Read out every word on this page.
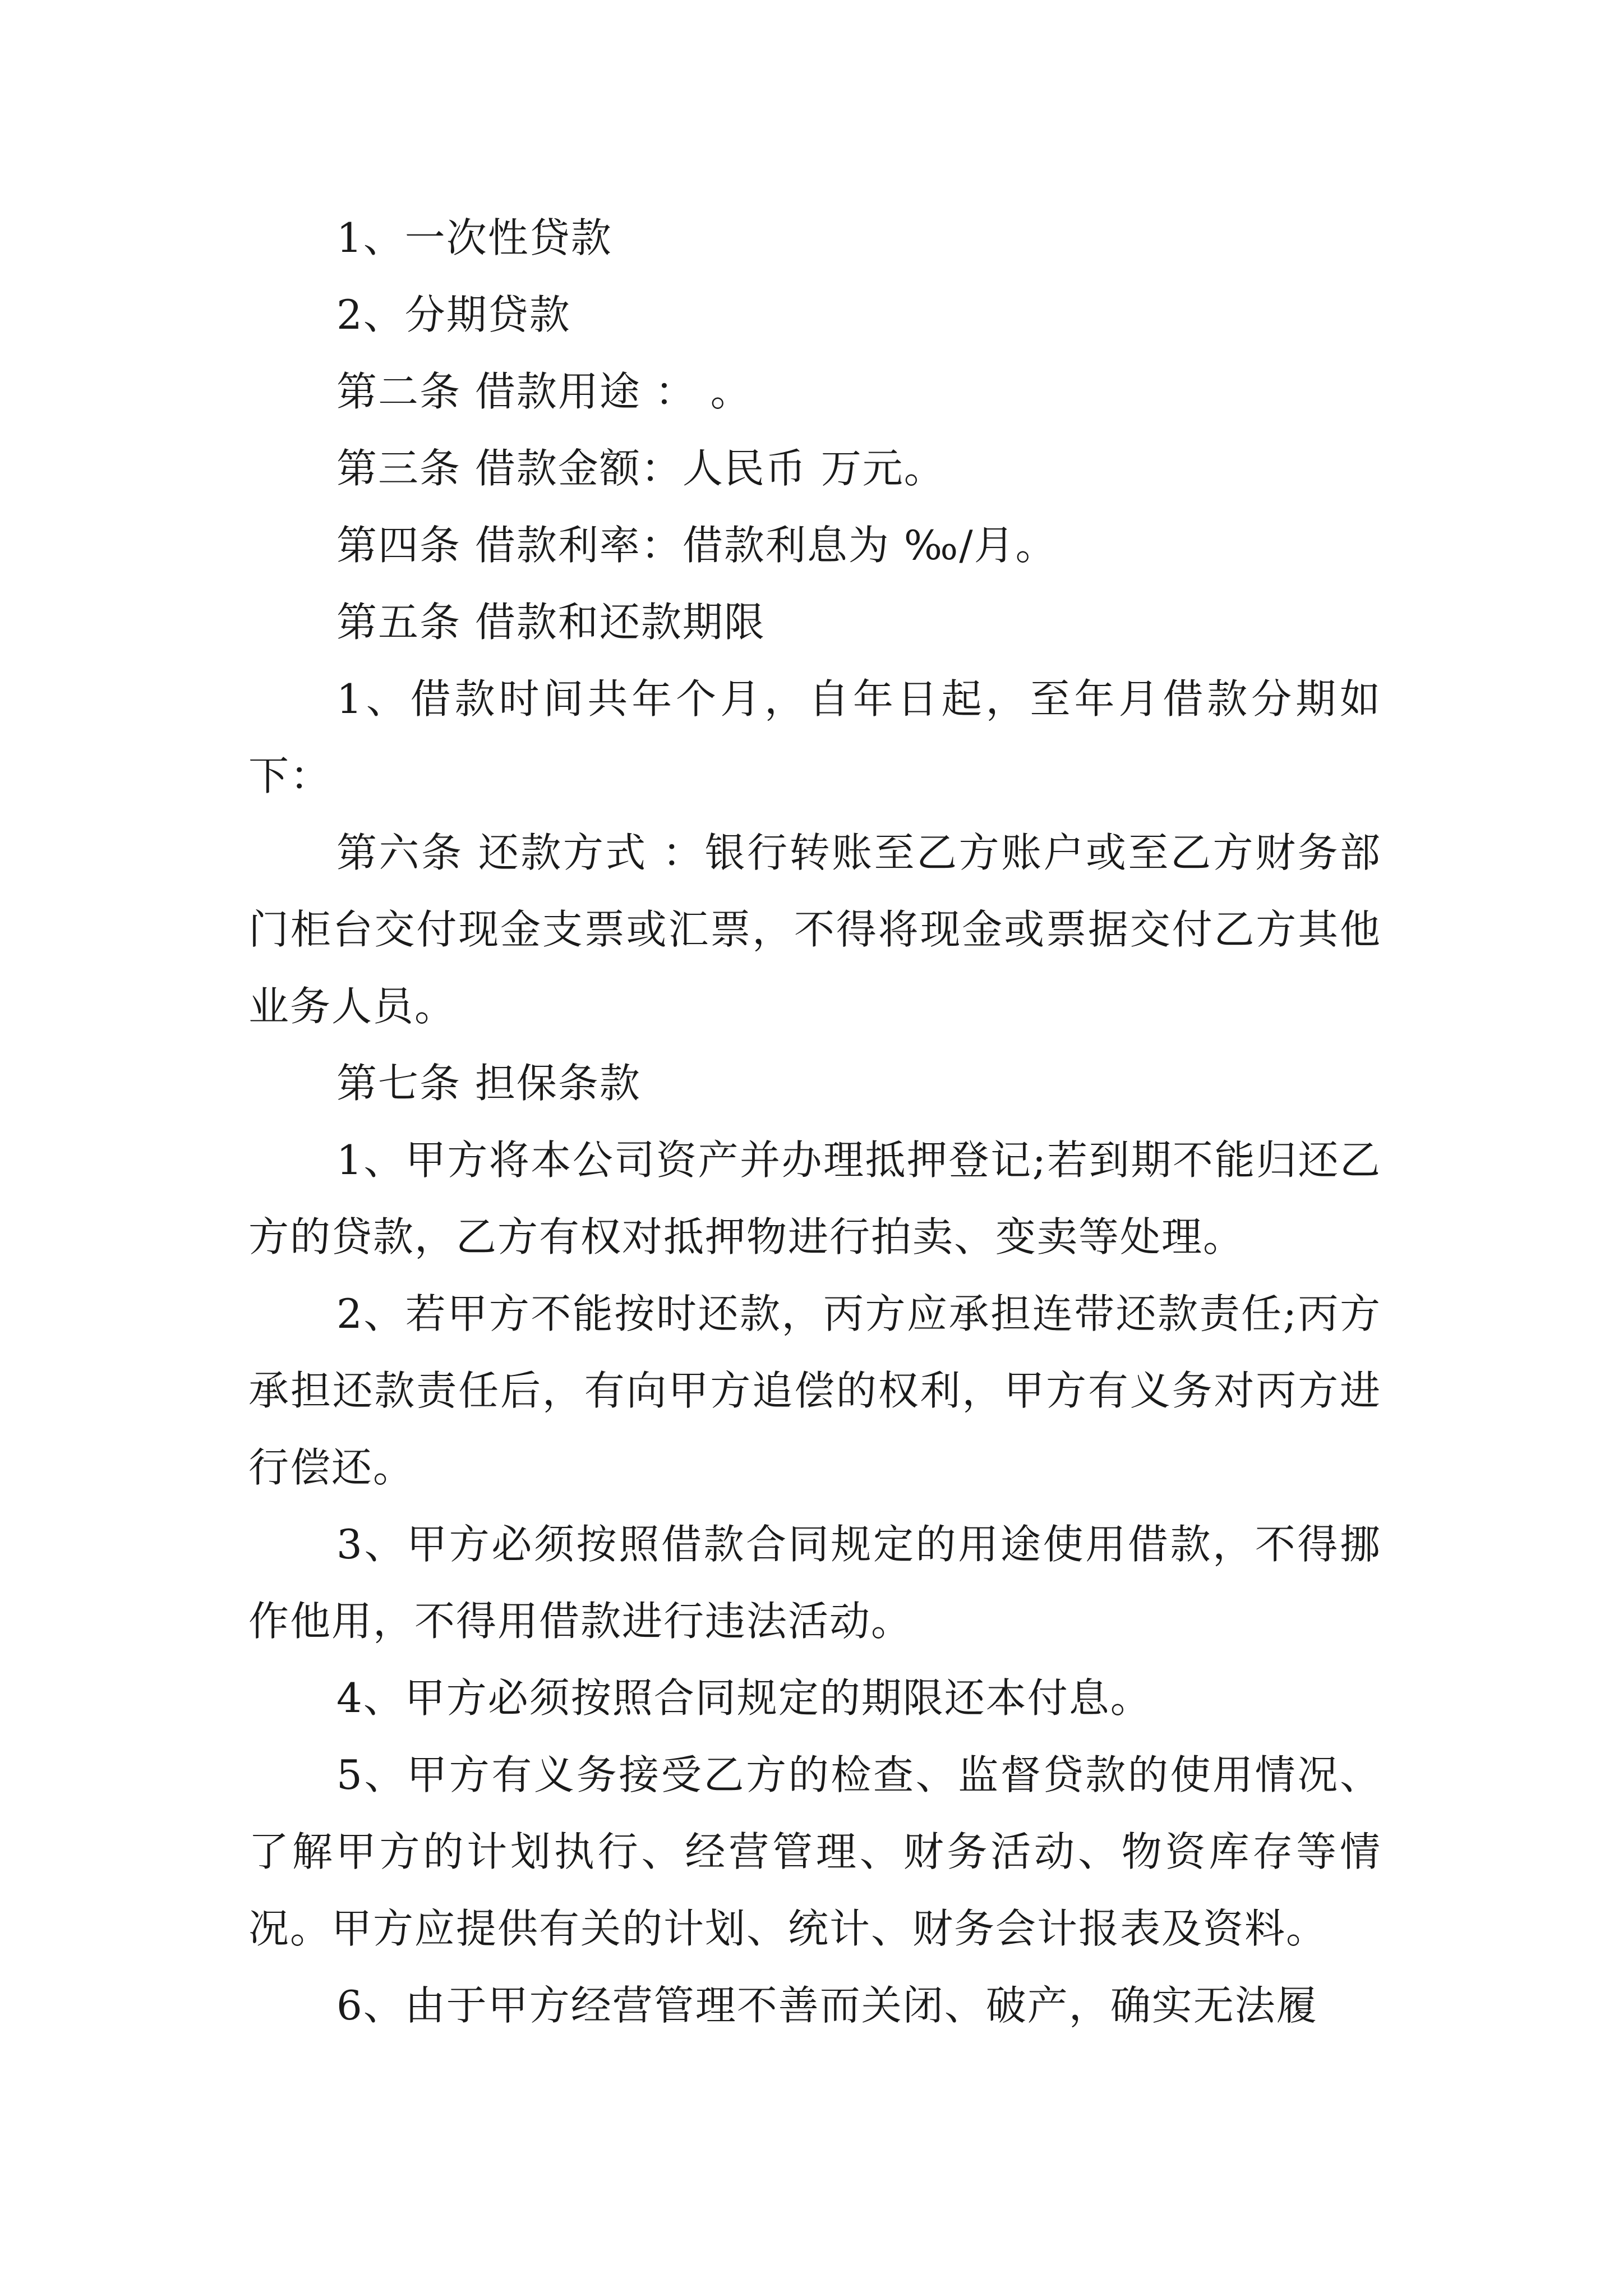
1、一次性贷款

2、分期贷款

第二条 借款用途 ： 。

第三条 借款金额：人民币 万元。

第四条 借款利率：借款利息为 ‰/月。

第五条 借款和还款期限

1、借款时间共年个月，自年日起，至年月借款分期如下：

第六条 还款方式 ：银行转账至乙方账户或至乙方财务部门柜台交付现金支票或汇票，不得将现金或票据交付乙方其他业务人员。

第七条 担保条款

1、甲方将本公司资产并办理抵押登记;若到期不能归还乙方的贷款，乙方有权对抵押物进行拍卖、变卖等处理。

2、若甲方不能按时还款，丙方应承担连带还款责任;丙方承担还款责任后，有向甲方追偿的权利，甲方有义务对丙方进行偿还。

3、甲方必须按照借款合同规定的用途使用借款，不得挪作他用，不得用借款进行违法活动。

4、甲方必须按照合同规定的期限还本付息。

5、甲方有义务接受乙方的检查、监督贷款的使用情况、了解甲方的计划执行、经营管理、财务活动、物资库存等情况。甲方应提供有关的计划、统计、财务会计报表及资料。

6、由于甲方经营管理不善而关闭、破产，确实无法履
